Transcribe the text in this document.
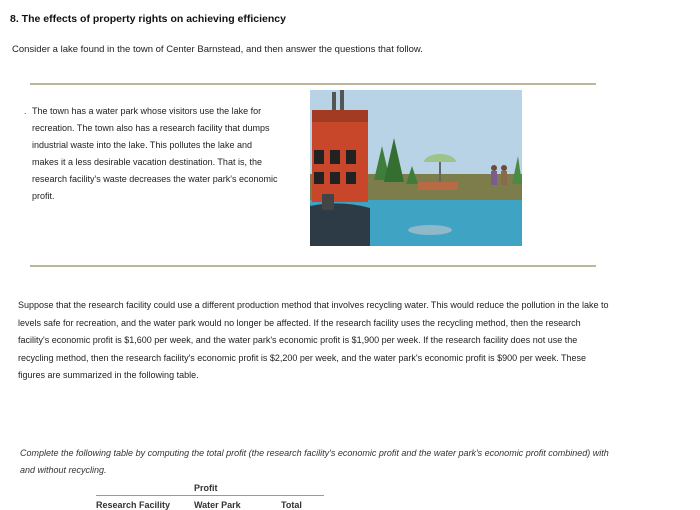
8. The effects of property rights on achieving efficiency
Consider a lake found in the town of Center Barnstead, and then answer the questions that follow.
. The town has a water park whose visitors use the lake for
recreation. The town also has a research facility that dumps
industrial waste into the lake. This pollutes the lake and
makes it a less desirable vacation destination. That is, the
research facility's waste decreases the water park's economic
profit.
Suppose that the research facility could use a different production method that involves recycling water. This would reduce the pollution in the lake to
levels safe for recreation, and the water park would no longer be affected. If the research facility uses the recycling method, then the research
facility's economic profit is $1,600 per week, and the water park's economic profit is $1,900 per week. If the research facility does not use the
recycling method, then the research facility's economic profit is $2,200 per week, and the water park's economic profit is $900 per week. These
figures are summarized in the following table.
Complete the following table by computing the total profit (the research facility's economic profit and the water park's economic profit combined) with
and without recycling.
Profit
Research Facility	Water Park	Total
